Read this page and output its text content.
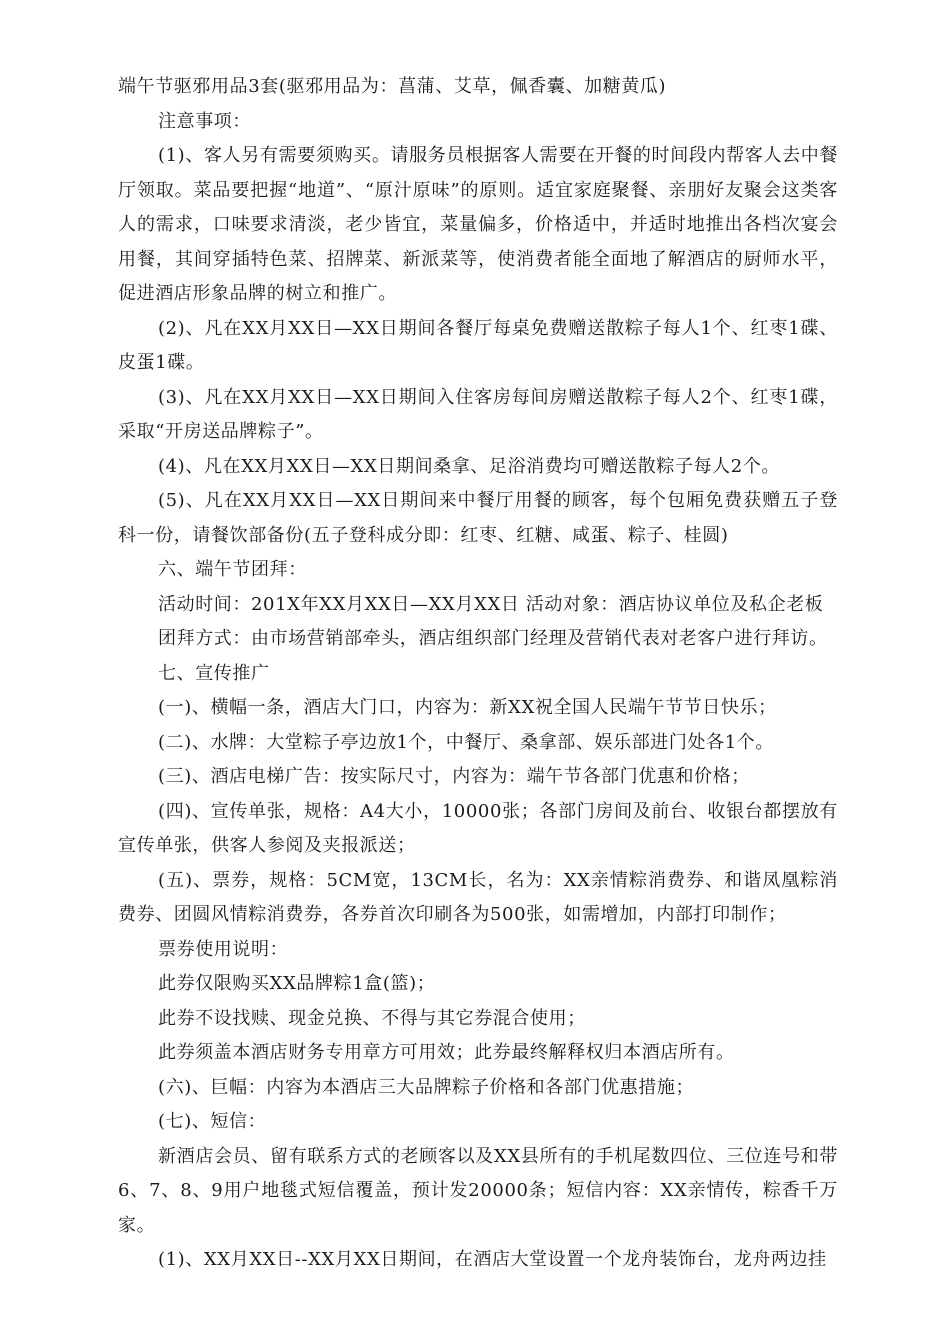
端午节驱邪用品3套(驱邪用品为：菖蒲、艾草，佩香囊、加糖黄瓜)

注意事项：

(1)、客人另有需要须购买。请服务员根据客人需要在开餐的时间段内帮客人去中餐厅领取。菜品要把握“地道”、“原汁原味”的原则。适宜家庭聚餐、亲朋好友聚会这类客人的需求，口味要求清淡，老少皆宜，菜量偏多，价格适中，并适时地推出各档次宴会用餐，其间穿插特色菜、招牌菜、新派菜等，使消费者能全面地了解酒店的厨师水平，促进酒店形象品牌的树立和推广。

(2)、凡在XX月XX日—XX日期间各餐厅每桌免费赠送散粽子每人1个、红枣1碟、皮蛋1碟。

(3)、凡在XX月XX日—XX日期间入住客房每间房赠送散粽子每人2个、红枣1碟，采取“开房送品牌粽子”。

(4)、凡在XX月XX日—XX日期间桑拿、足浴消费均可赠送散粽子每人2个。

(5)、凡在XX月XX日—XX日期间来中餐厅用餐的顾客，每个包厢免费获赠五子登科一份，请餐饮部备份(五子登科成分即：红枣、红糖、咸蛋、粽子、桂圆)

六、端午节团拜：

活动时间：201X年XX月XX日—XX月XX日 活动对象：酒店协议单位及私企老板

团拜方式：由市场营销部牵头，酒店组织部门经理及营销代表对老客户进行拜访。

七、宣传推广

(一)、横幅一条，酒店大门口，内容为：新XX祝全国人民端午节节日快乐；

(二)、水牌：大堂粽子亭边放1个，中餐厅、桑拿部、娱乐部进门处各1个。

(三)、酒店电梯广告：按实际尺寸，内容为：端午节各部门优惠和价格；

(四)、宣传单张，规格：A4大小，10000张；各部门房间及前台、收银台都摆放有宣传单张，供客人参阅及夹报派送；

(五)、票券，规格：5CM宽，13CM长，名为：XX亲情粽消费券、和谐凤凰粽消费券、团圆风情粽消费券，各券首次印刷各为500张，如需增加，内部打印制作；

票券使用说明：

此券仅限购买XX品牌粽1盒(篮)；

此券不设找赎、现金兑换、不得与其它券混合使用；

此券须盖本酒店财务专用章方可用效；此券最终解释权归本酒店所有。

(六)、巨幅：内容为本酒店三大品牌粽子价格和各部门优惠措施；

(七)、短信：

新酒店会员、留有联系方式的老顾客以及XX县所有的手机尾数四位、三位连号和带6、7、8、9用户地毯式短信覆盖，预计发20000条；短信内容：XX亲情传，粽香千万家。

(1)、XX月XX日--XX月XX日期间，在酒店大堂设置一个龙舟装饰台，龙舟两边挂
